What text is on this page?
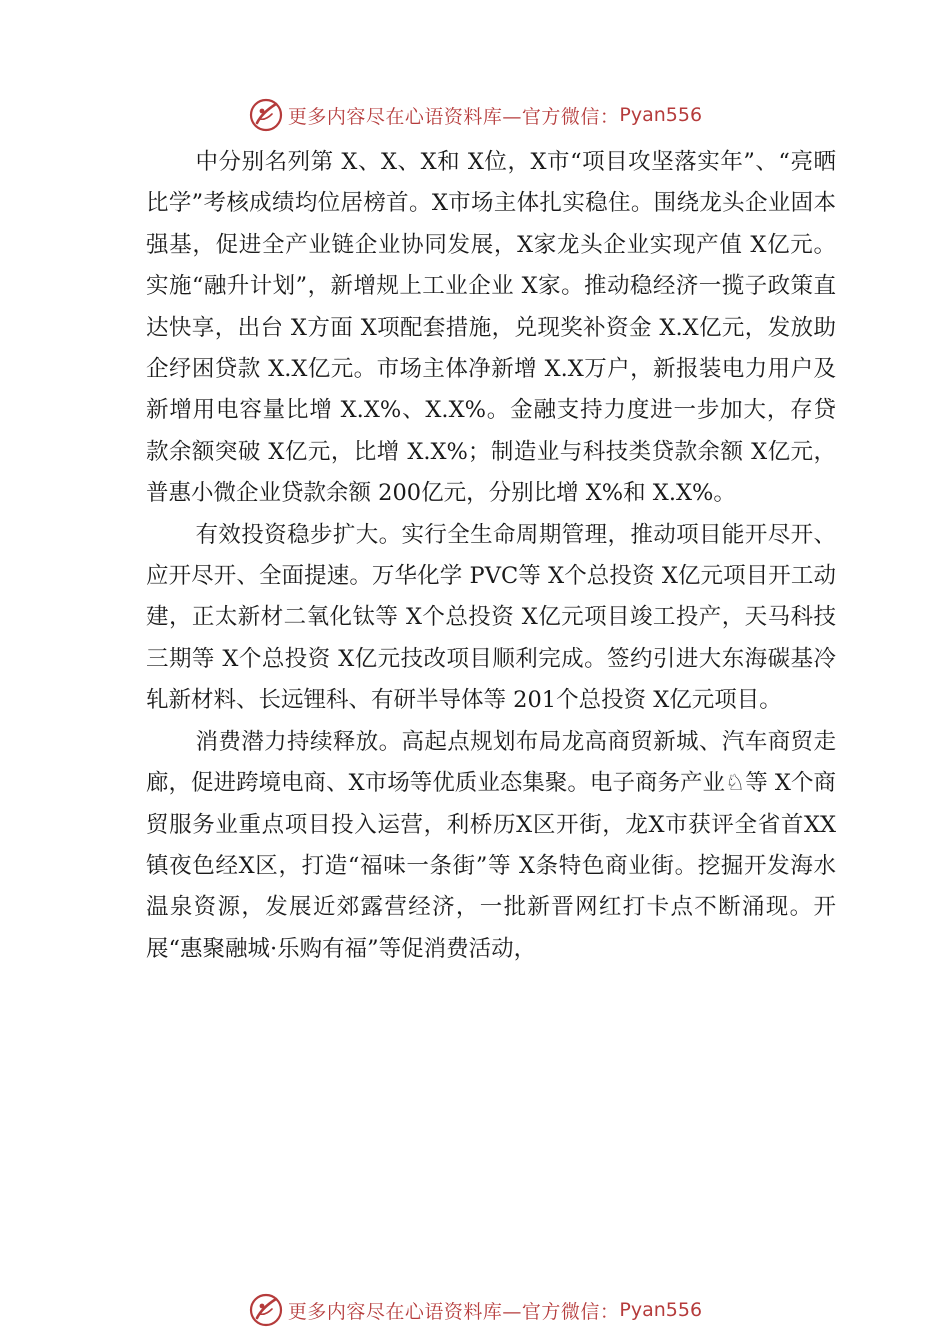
更多内容尽在心语资料库—官方微信： Pyan556

中分别名列第 X、X、X和 X位，X市“项目攻坚落实年”、“亮晒比学”考核成绩均位居榜首。X市场主体扎实稳住。围绕龙头企业固本强基，促进全产业链企业协同发展，X家龙头企业实现产值 X亿元。实施“融升计划”，新增规上工业企业 X家。推动稳经济一揽子政策直达快享，出台 X方面 X项配套措施，兑现奖补资金 X.X亿元，发放助企纾困贷款 X.X亿元。市场主体净新增 X.X万户，新报装电力用户及新增用电容量比增 X.X%、X.X%。金融支持力度进一步加大，存贷款余额突破 X亿元，比增 X.X%；制造业与科技类贷款余额 X亿元，普惠小微企业贷款余额 200亿元，分别比增 X%和 X.X%。

有效投资稳步扩大。实行全生命周期管理，推动项目能开尽开、应开尽开、全面提速。万华化学 PVC等 X个总投资 X亿元项目开工动建，正太新材二氧化钛等 X个总投资 X亿元项目竣工投产，天马科技三期等 X个总投资 X亿元技改项目顺利完成。签约引进大东海碳基冷轧新材料、长远锂科、有研半导体等 201个总投资 X亿元项目。

消费潜力持续释放。高起点规划布局龙高商贸新城、汽车商贸走廊，促进跨境电商、X市场等优质业态集聚。电子商务产业♘等 X个商贸服务业重点项目投入运营，利桥历X区开街，龙X市获评全省首XX镇夜色经X区，打造“福味一条街”等 X条特色商业街。挖掘开发海水温泉资源，发展近郊露营经济，一批新晋网红打卡点不断涌现。开展“惠聚融城·乐购有福”等促消费活动，

更多内容尽在心语资料库—官方微信： Pyan556
